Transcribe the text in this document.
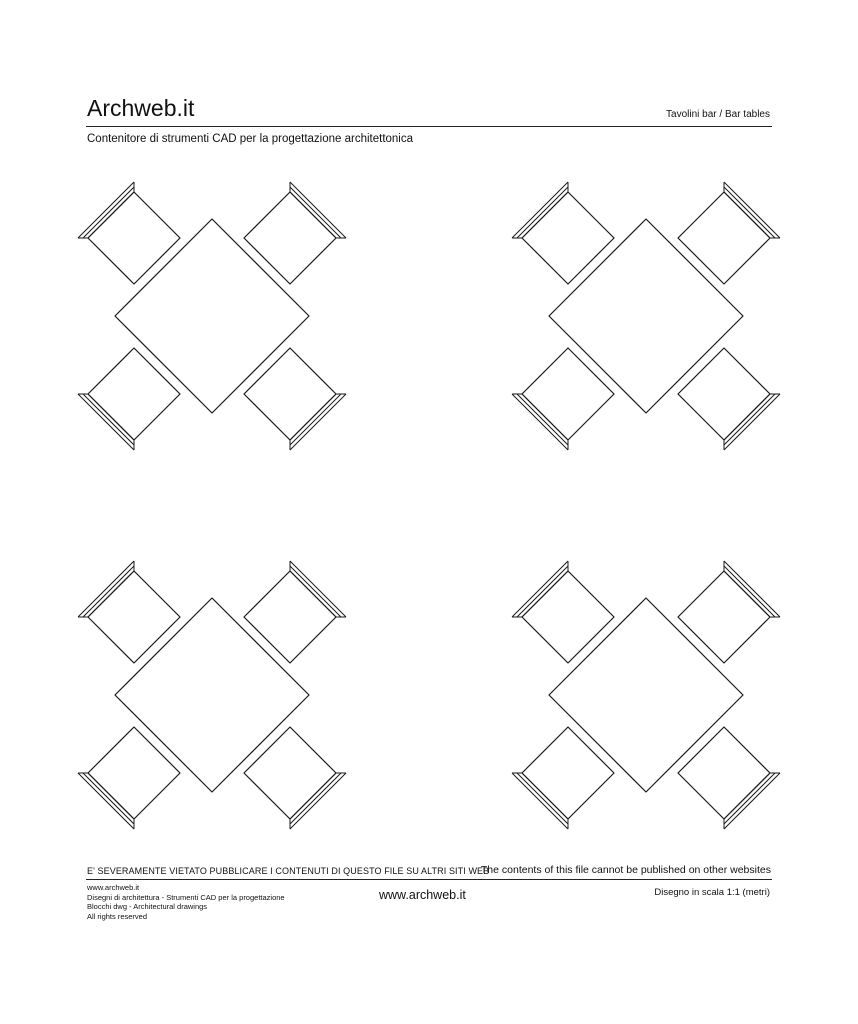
Archweb.it	Tavolini bar / Bar tables
Contenitore di strumenti CAD per la progettazione architettonica
E' SEVERAMENTE VIETATO PUBBLICARE I CONTENUTI DI QUESTO FILE SU ALTRI SITI WEB
The contents of this file cannot be published on other websites
www.archweb.it
Disegni di architettura - Strumenti CAD per la progettazione
Blocchi dwg - Architectural drawings
All rights reserved
www.archweb.it	Disegno in scala 1:1 (metri)
